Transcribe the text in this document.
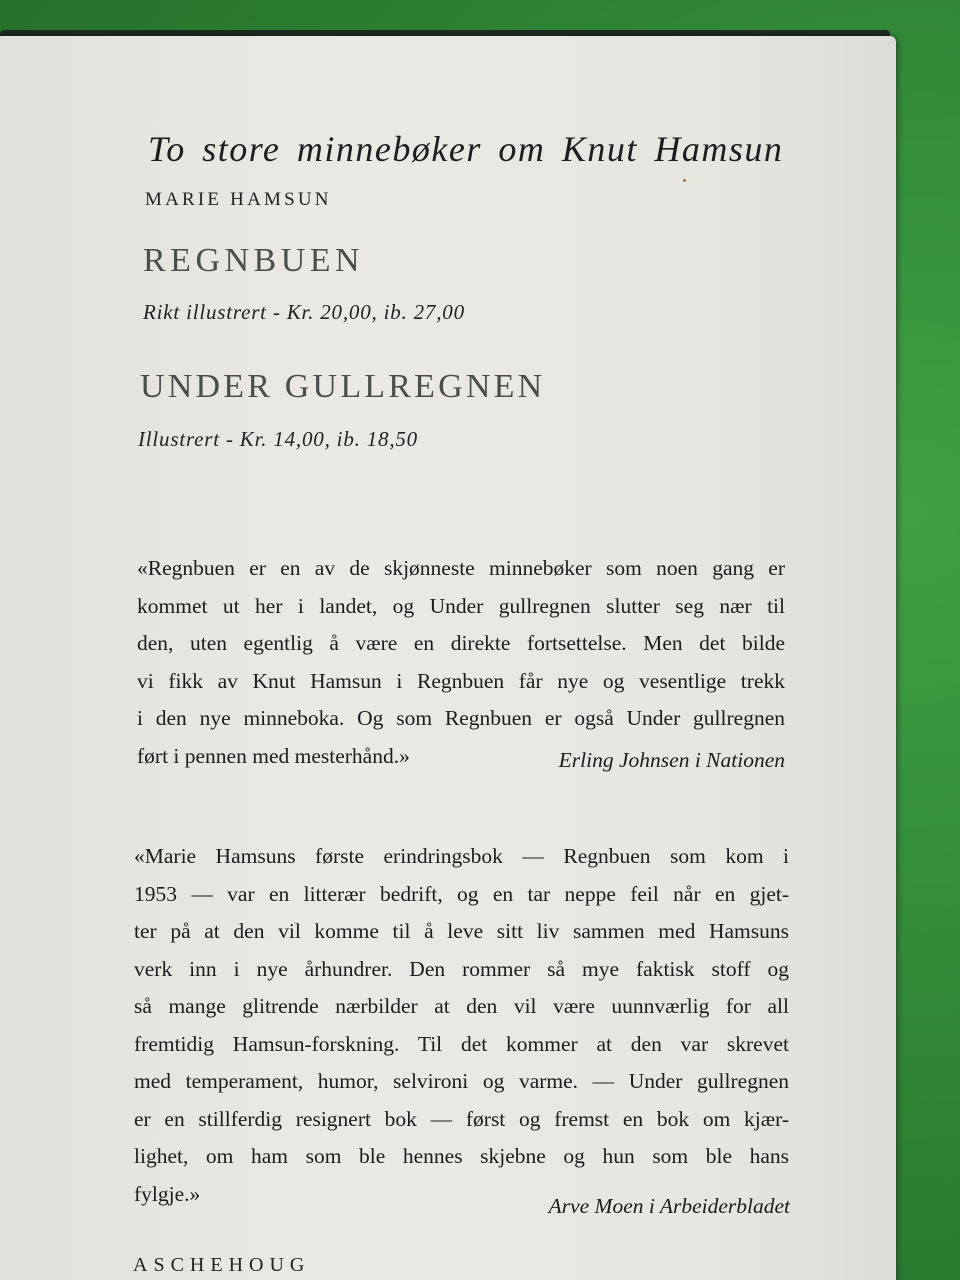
To store minnebøker om Knut Hamsun
MARIE HAMSUN
REGNBUEN
Rikt illustrert - Kr. 20,00, ib. 27,00
UNDER GULLREGNEN
Illustrert - Kr. 14,00, ib. 18,50
«Regnbuen er en av de skjønneste minnebøker som noen gang er
kommet ut her i landet, og Under gullregnen slutter seg nær til
den, uten egentlig å være en direkte fortsettelse. Men det bilde
vi fikk av Knut Hamsun i Regnbuen får nye og vesentlige trekk
i den nye minneboka. Og som Regnbuen er også Under gullregnen
ført i pennen med mesterhånd.»	Erling Johnsen i Nationen
«Marie Hamsuns første erindringsbok — Regnbuen som kom i
1953 — var en litterær bedrift, og en tar neppe feil når en gjet-
ter på at den vil komme til å leve sitt liv sammen med Hamsuns
verk inn i nye århundrer. Den rommer så mye faktisk stoff og
så mange glitrende nærbilder at den vil være uunnværlig for all
fremtidig Hamsun-forskning. Til det kommer at den var skrevet
med temperament, humor, selvironi og varme. — Under gullregnen
er en stillferdig resignert bok — først og fremst en bok om kjær-
lighet, om ham som ble hennes skjebne og hun som ble hans
fylgje.»
Arve Moen i Arbeiderbladet
ASCHEHOUG
